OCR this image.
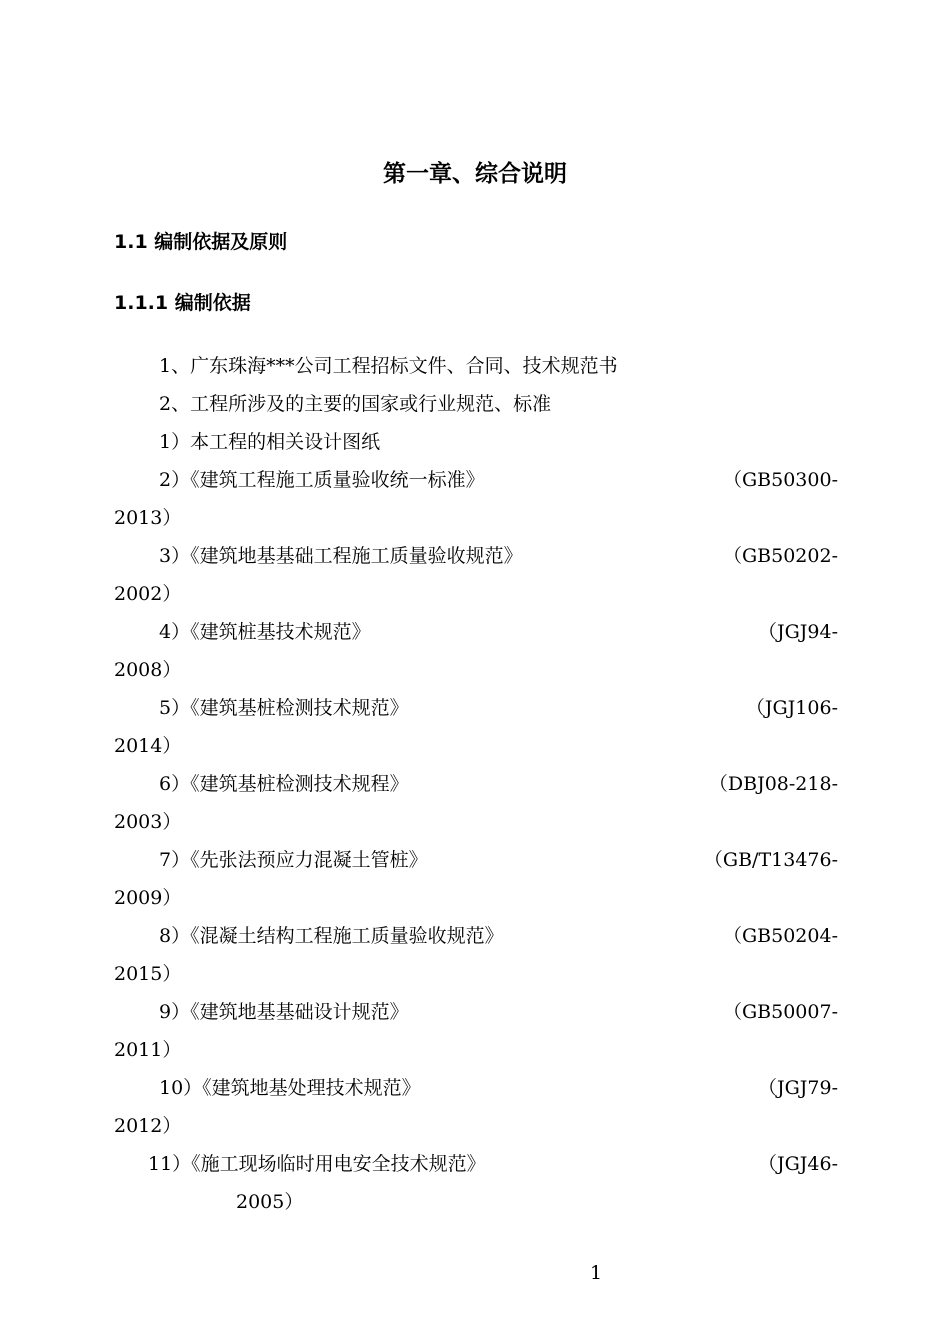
第一章、综合说明
1.1 编制依据及原则
1.1.1 编制依据
1、广东珠海***公司工程招标文件、合同、技术规范书
2、工程所涉及的主要的国家或行业规范、标准
1）本工程的相关设计图纸
2）《建筑工程施工质量验收统一标准》	（GB50300-
2013）
3）《建筑地基基础工程施工质量验收规范》	（GB50202-
2002）
4）《建筑桩基技术规范》	（JGJ94-
2008）
5）《建筑基桩检测技术规范》	（JGJ106-
2014）
6）《建筑基桩检测技术规程》	（DBJ08-218-
2003）
7）《先张法预应力混凝土管桩》	（GB/T13476-
2009）
8）《混凝土结构工程施工质量验收规范》	（GB50204-
2015）
9）《建筑地基基础设计规范》	（GB50007-
2011）
10）《建筑地基处理技术规范》	（JGJ79-
2012）
11）《施工现场临时用电安全技术规范》	（JGJ46-
2005）
1
